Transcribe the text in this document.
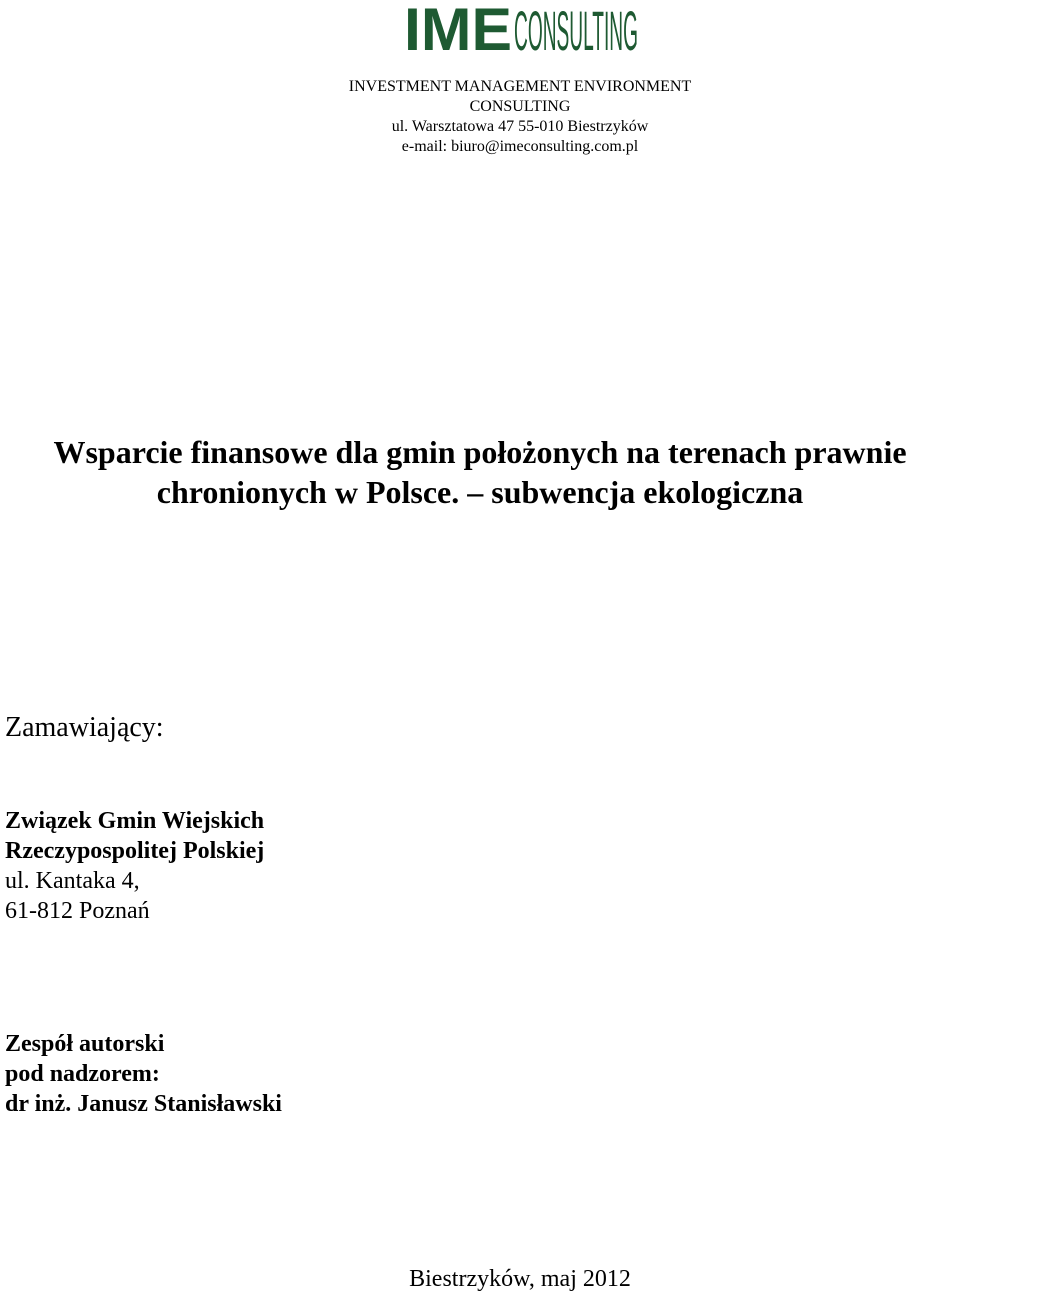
IME CONSULTING
INVESTMENT MANAGEMENT ENVIRONMENT
CONSULTING
ul. Warsztatowa 47 55-010 Biestrzyków
e-mail: biuro@imeconsulting.com.pl
Wsparcie finansowe dla gmin położonych na terenach prawnie
chronionych w Polsce. – subwencja ekologiczna
Zamawiający:
Związek Gmin Wiejskich
Rzeczypospolitej Polskiej
ul. Kantaka 4,
61-812 Poznań
Zespół autorski
pod nadzorem:
dr inż. Janusz Stanisławski
Biestrzyków, maj 2012
